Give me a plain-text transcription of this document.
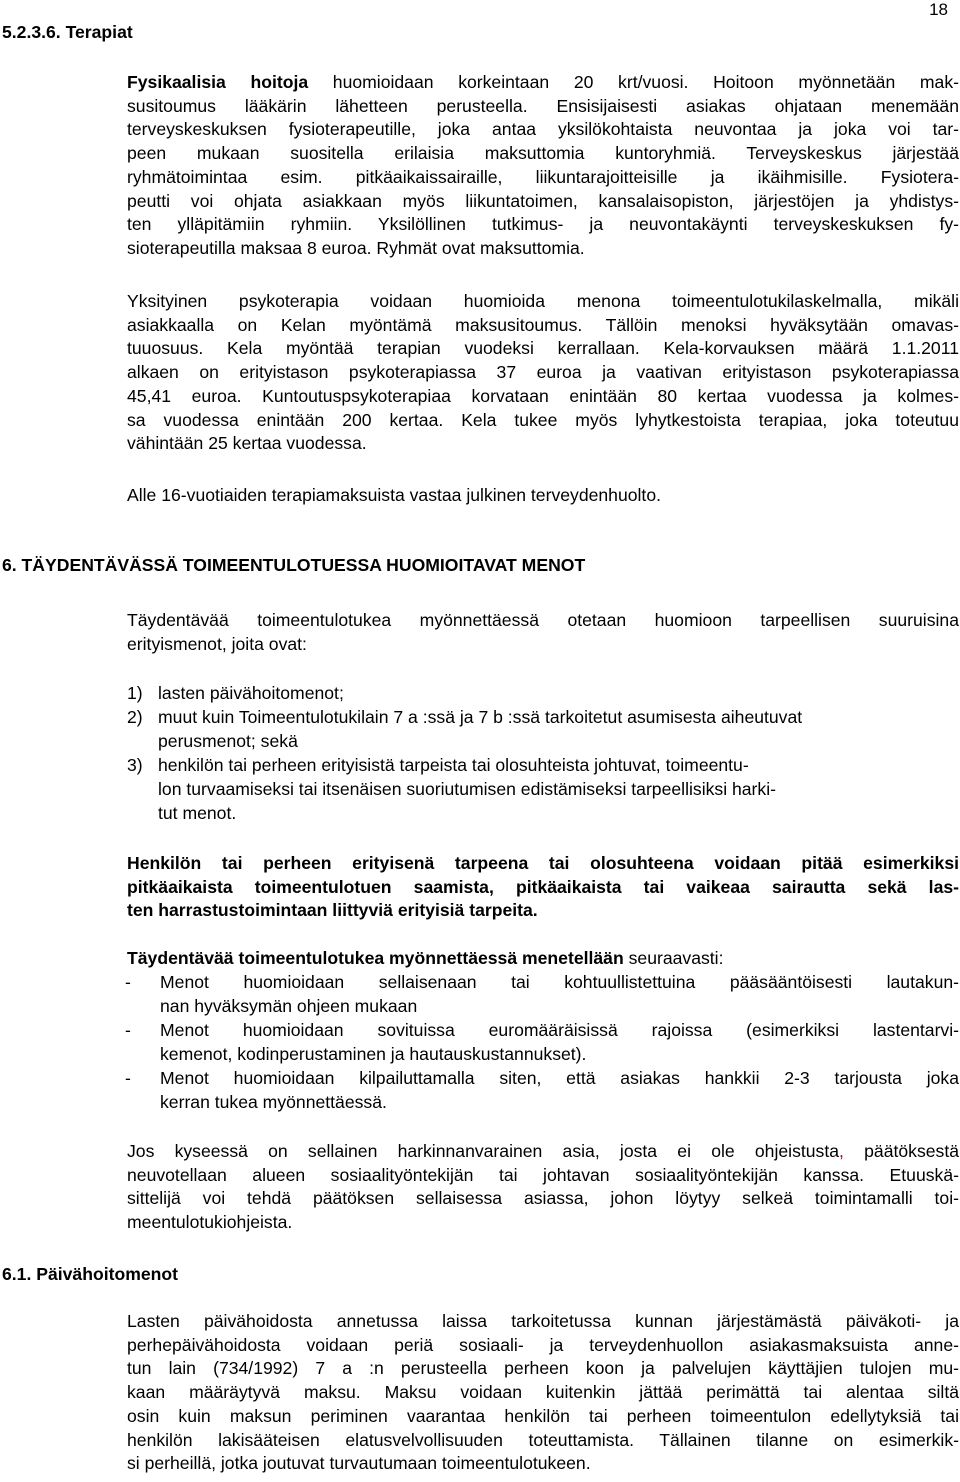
18
5.2.3.6. Terapiat
Fysikaalisia hoitoja huomioidaan korkeintaan 20 krt/vuosi. Hoitoon myönnetään mak-
susitoumus lääkärin lähetteen perusteella. Ensisijaisesti asiakas ohjataan menemään
terveyskeskuksen fysioterapeutille, joka antaa yksilökohtaista neuvontaa ja joka voi tar-
peen mukaan suositella erilaisia maksuttomia kuntoryhmiä. Terveyskeskus järjestää
ryhmätoimintaa esim. pitkäaikaissairaille, liikuntarajoitteisille ja ikäihmisille. Fysiotera-
peutti voi ohjata asiakkaan myös liikuntatoimen, kansalaisopiston, järjestöjen ja yhdistys-
ten ylläpitämiin ryhmiin. Yksilöllinen tutkimus- ja neuvontakäynti terveyskeskuksen fy-
sioterapeutilla maksaa 8 euroa. Ryhmät ovat maksuttomia.
Yksityinen psykoterapia voidaan huomioida menona toimeentulotukilaskelmalla, mikäli
asiakkaalla on Kelan myöntämä maksusitoumus. Tällöin menoksi hyväksytään omavas-
tuuosuus. Kela myöntää terapian vuodeksi kerrallaan. Kela-korvauksen määrä 1.1.2011
alkaen on erityistason psykoterapiassa 37 euroa ja vaativan erityistason psykoterapiassa
45,41 euroa. Kuntoutuspsykoterapiaa korvataan enintään 80 kertaa vuodessa ja kolmes-
sa vuodessa enintään 200 kertaa. Kela tukee myös lyhytkestoista terapiaa, joka toteutuu
vähintään 25 kertaa vuodessa.
Alle 16-vuotiaiden terapiamaksuista vastaa julkinen terveydenhuolto.
6. TÄYDENTÄVÄSSÄ TOIMEENTULOTUESSA HUOMIOITAVAT MENOT
Täydentävää toimeentulotukea myönnettäessä otetaan huomioon tarpeellisen suuruisina
erityismenot, joita ovat:
1) lasten päivähoitomenot;
2) muut kuin Toimeentulotukilain 7 a :ssä ja 7 b :ssä tarkoitetut asumisesta aiheutuvat
perusmenot; sekä
3) henkilön tai perheen erityisistä tarpeista tai olosuhteista johtuvat, toimeentu-
lon turvaamiseksi tai itsenäisen suoriutumisen edistämiseksi tarpeellisiksi harki-
tut menot.
Henkilön tai perheen erityisenä tarpeena tai olosuhteena voidaan pitää esimerkiksi
pitkäaikaista toimeentulotuen saamista, pitkäaikaista tai vaikeaa sairautta sekä las-
ten harrastustoimintaan liittyviä erityisiä tarpeita.
Täydentävää toimeentulotukea myönnettäessä menetellään seuraavasti:
- Menot huomioidaan sellaisenaan tai kohtuullistettuina pääsääntöisesti lautakun-
nan hyväksymän ohjeen mukaan
- Menot huomioidaan sovituissa euromääräisissä rajoissa (esimerkiksi lastentarvi-
kemenot, kodinperustaminen ja hautauskustannukset).
- Menot huomioidaan kilpailuttamalla siten, että asiakas hankkii 2-3 tarjousta joka
kerran tukea myönnettäessä.
Jos kyseessä on sellainen harkinnanvarainen asia, josta ei ole ohjeistusta, päätöksestä
neuvotellaan alueen sosiaalityöntekijän tai johtavan sosiaalityöntekijän kanssa. Etuuskä-
sittelijä voi tehdä päätöksen sellaisessa asiassa, johon löytyy selkeä toimintamalli toi-
meentulotukiohjeista.
6.1. Päivähoitomenot
Lasten päivähoidosta annetussa laissa tarkoitetussa kunnan järjestämästä päiväkoti- ja
perhepäivähoidosta voidaan periä sosiaali- ja terveydenhuollon asiakasmaksuista anne-
tun lain (734/1992) 7 a :n perusteella perheen koon ja palvelujen käyttäjien tulojen mu-
kaan määräytyvä maksu. Maksu voidaan kuitenkin jättää perimättä tai alentaa siltä
osin kuin maksun periminen vaarantaa henkilön tai perheen toimeentulon edellytyksiä tai
henkilön lakisääteisen elatusvelvollisuuden toteuttamista. Tällainen tilanne on esimerkik-
si perheillä, jotka joutuvat turvautumaan toimeentulotukeen.
